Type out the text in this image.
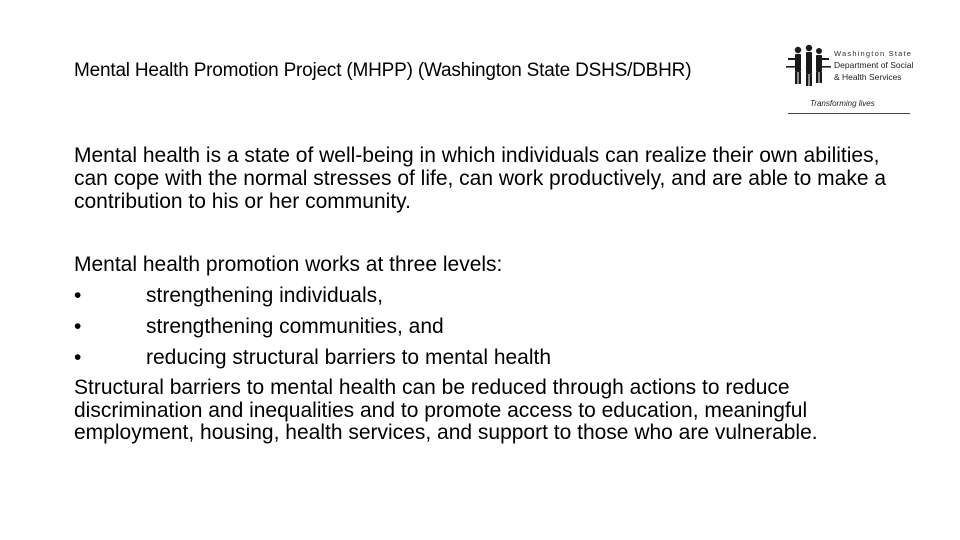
Mental Health Promotion Project (MHPP) (Washington State DSHS/DBHR)
Washington State
Department of Social
& Health Services
Transforming lives
Mental health is a state of well-being in which individuals can realize their own abilities, can cope with the normal stresses of life, can work productively, and are able to make a contribution to his or her community.
Mental health promotion works at three levels:
•	strengthening individuals,
•	strengthening communities, and
•	reducing structural barriers to mental health
Structural barriers to mental health can be reduced through actions to reduce discrimination and inequalities and to promote access to education, meaningful employment, housing, health services, and support to those who are vulnerable.
